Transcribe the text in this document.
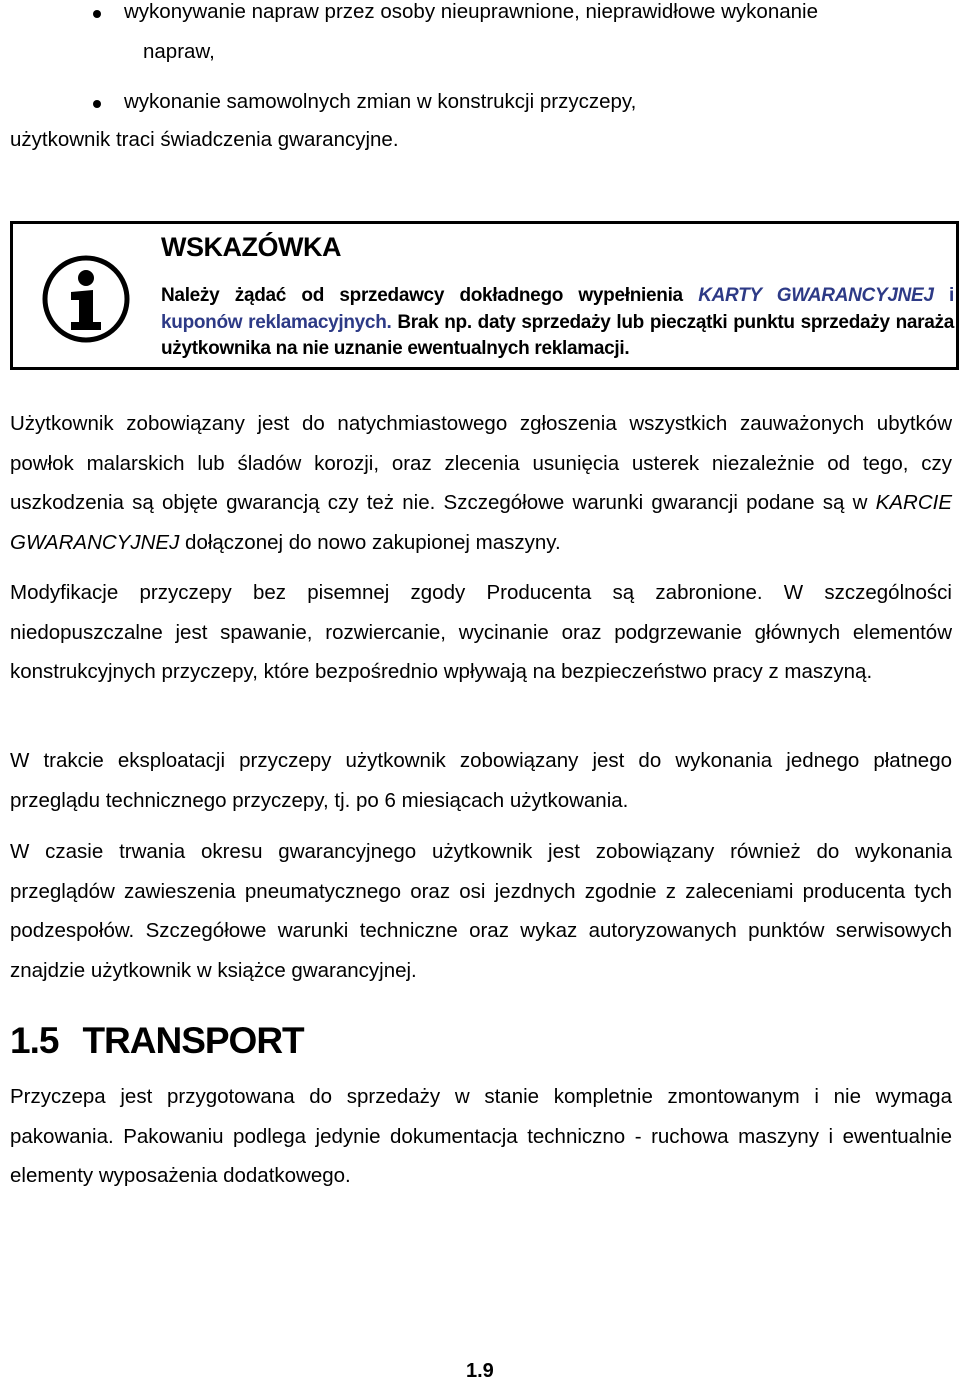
wykonywanie napraw przez osoby nieuprawnione, nieprawidłowe wykonanie
napraw,
wykonanie samowolnych zmian w konstrukcji przyczepy,

użytkownik traci świadczenia gwarancyjne.

WSKAZÓWKA
Należy żądać od sprzedawcy dokładnego wypełnienia KARTY GWARANCYJNEJ i kuponów reklamacyjnych. Brak np. daty sprzedaży lub pieczątki punktu sprzedaży naraża użytkownika na nie uznanie ewentualnych reklamacji.

Użytkownik zobowiązany jest do natychmiastowego zgłoszenia wszystkich zauważonych ubytków powłok malarskich lub śladów korozji, oraz zlecenia usunięcia usterek niezależnie od tego, czy uszkodzenia są objęte gwarancją czy też nie. Szczegółowe warunki gwarancji podane są w KARCIE GWARANCYJNEJ dołączonej do nowo zakupionej maszyny.

Modyfikacje przyczepy bez pisemnej zgody Producenta są zabronione. W szczególności niedopuszczalne jest spawanie, rozwiercanie, wycinanie oraz podgrzewanie głównych elementów konstrukcyjnych przyczepy, które bezpośrednio wpływają na bezpieczeństwo pracy z maszyną.

W trakcie eksploatacji przyczepy użytkownik zobowiązany jest do wykonania jednego płatnego przeglądu technicznego przyczepy, tj. po 6 miesiącach użytkowania.

W czasie trwania okresu gwarancyjnego użytkownik jest zobowiązany również do wykonania przeglądów zawieszenia pneumatycznego oraz osi jezdnych zgodnie z zaleceniami producenta tych podzespołów. Szczegółowe warunki techniczne oraz wykaz autoryzowanych punktów serwisowych znajdzie użytkownik w książce gwarancyjnej.

1.5 TRANSPORT

Przyczepa jest przygotowana do sprzedaży w stanie kompletnie zmontowanym i nie wymaga pakowania. Pakowaniu podlega jedynie dokumentacja techniczno - ruchowa maszyny i ewentualnie elementy wyposażenia dodatkowego.

1.9
